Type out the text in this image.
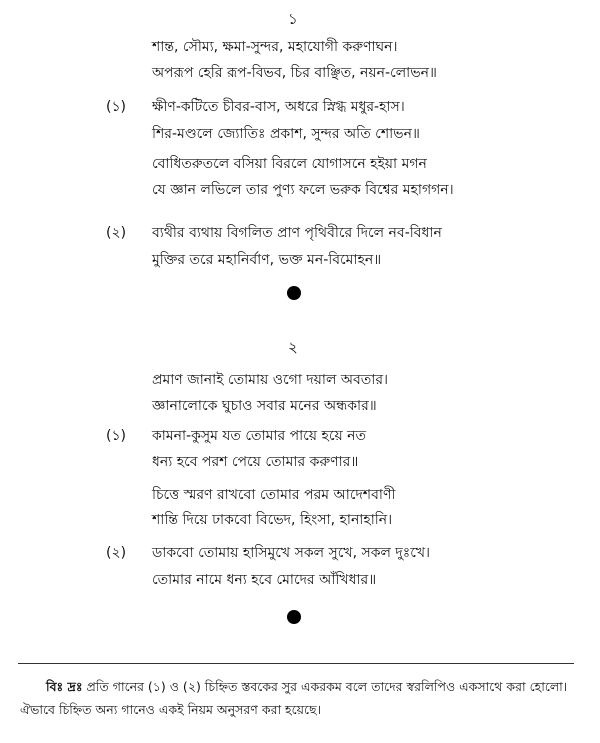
১
শান্ত, সৌম্য, ক্ষমা-সুন্দর, মহাযোগী করুণাঘন।
অপরূপ হেরি রূপ-বিভব, চির বাঞ্ছিত, নয়ন-লোভন॥
(১) ক্ষীণ-কটিতে চীবর-বাস, অধরে স্নিগ্ধ মধুর-হাস।
শির-মণ্ডলে জ্যোতিঃ প্রকাশ, সুন্দর অতি শোভন॥
বোধিতরুতলে বসিয়া বিরলে যোগাসনে হইয়া মগন
যে জ্ঞান লভিলে তার পুণ্য ফলে ভরুক বিশ্বের মহাগগন।
(২) ব্যথীর ব্যথায় বিগলিত প্রাণ পৃথিবীরে দিলে নব-বিধান
মুক্তির তরে মহানির্বাণ, ভক্ত মন-বিমোহন॥
২
প্রমাণ জানাই তোমায় ওগো দয়াল অবতার।
জ্ঞানালোকে ঘুচাও সবার মনের অন্ধকার॥
(১) কামনা-কুসুম যত তোমার পায়ে হয়ে নত
ধন্য হবে পরশ পেয়ে তোমার করুণার॥
চিত্তে স্মরণ রাখবো তোমার পরম আদেশবাণী
শান্তি দিয়ে ঢাকবো বিভেদ, হিংসা, হানাহানি।
(২) ডাকবো তোমায় হাসিমুখে সকল সুখে, সকল দুঃখে।
তোমার নামে ধন্য হবে মোদের আঁখিধার॥
বিঃ দ্রঃ প্রতি গানের (১) ও (২) চিহ্নিত স্তবকের সুর একরকম বলে তাদের স্বরলিপিও একসাথে করা হোলো।
ঐভাবে চিহ্নিত অন্য গানেও একই নিয়ম অনুসরণ করা হয়েছে।
